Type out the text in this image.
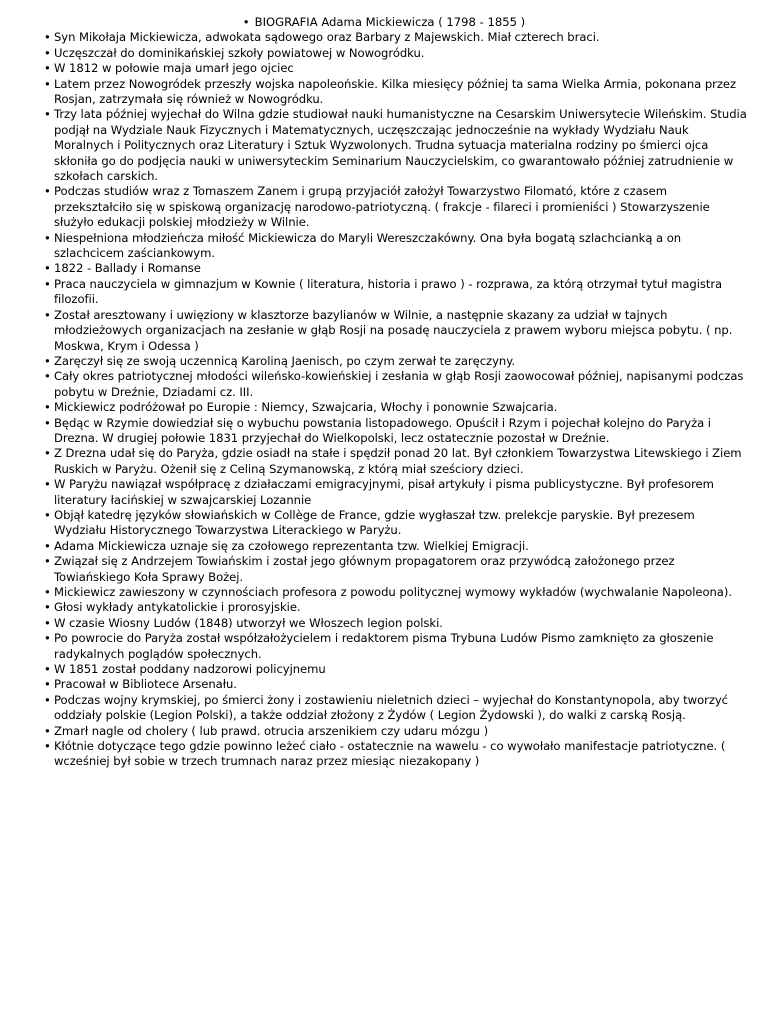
• BIOGRAFIA Adama Mickiewicza ( 1798 - 1855 )
• Syn Mikołaja Mickiewicza, adwokata sądowego oraz Barbary z Majewskich. Miał czterech braci.
• Uczęszczał do dominikańskiej szkoły powiatowej w Nowogródku.
• W 1812 w połowie maja umarł jego ojciec
• Latem przez Nowogródek przeszły wojska napoleońskie. Kilka miesięcy później ta sama Wielka Armia, pokonana przez Rosjan, zatrzymała się również w Nowogródku.
• Trzy lata później wyjechał do Wilna gdzie studiował nauki humanistyczne na Cesarskim Uniwersytecie Wileńskim. Studia podjął na Wydziale Nauk Fizycznych i Matematycznych, uczęszczając jednocześnie na wykłady Wydziału Nauk Moralnych i Politycznych oraz Literatury i Sztuk Wyzwolonych. Trudna sytuacja materialna rodziny po śmierci ojca skłoniła go do podjęcia nauki w uniwersyteckim Seminarium Nauczycielskim, co gwarantowało później zatrudnienie w szkołach carskich.
• Podczas studiów wraz z Tomaszem Zanem i grupą przyjaciół założył Towarzystwo Filomató, które z czasem przekształciło się w spiskową organizację narodowo-patriotyczną. ( frakcje - filareci i promieniści ) Stowarzyszenie służyło edukacji polskiej młodzieży w Wilnie.
• Niespełniona młodzieńcza miłość Mickiewicza do Maryli Wereszczakówny. Ona była bogatą szlachcianką a on szlachcicem zaściankowym.
• 1822 - Ballady i Romanse
• Praca nauczyciela w gimnazjum w Kownie ( literatura, historia i prawo ) - rozprawa, za którą otrzymał tytuł magistra filozofii.
• Został aresztowany i uwięziony w klasztorze bazylianów w Wilnie, a następnie skazany za udział w tajnych młodzieżowych organizacjach na zesłanie w głąb Rosji na posadę nauczyciela z prawem wyboru miejsca pobytu. ( np. Moskwa, Krym i Odessa )
• Zaręczył się ze swoją uczennicą Karoliną Jaenisch, po czym zerwał te zaręczyny.
• Cały okres patriotycznej młodości wileńsko-kowieńskiej i zesłania w głąb Rosji zaowocował później, napisanymi podczas pobytu w Dreźnie, Dziadami cz. III.
• Mickiewicz podróżował po Europie : Niemcy, Szwajcaria, Włochy i ponownie Szwajcaria.
• Będąc w Rzymie dowiedział się o wybuchu powstania listopadowego. Opuścił i Rzym i pojechał kolejno do Paryża i Drezna. W drugiej połowie 1831 przyjechał do Wielkopolski, lecz ostatecznie pozostał w Dreźnie.
• Z Drezna udał się do Paryża, gdzie osiadł na stałe i spędził ponad 20 lat. Był członkiem Towarzystwa Litewskiego i Ziem Ruskich w Paryżu. Ożenił się z Celiną Szymanowską, z którą miał sześciory dzieci.
• W Paryżu nawiązał współpracę z działaczami emigracyjnymi, pisał artykuły i pisma publicystyczne. Był profesorem literatury łacińskiej w szwajcarskiej Lozannie
• Objął katedrę języków słowiańskich w Collège de France, gdzie wygłaszał tzw. prelekcje paryskie. Był prezesem Wydziału Historycznego Towarzystwa Literackiego w Paryżu.
• Adama Mickiewicza uznaje się za czołowego reprezentanta tzw. Wielkiej Emigracji.
• Związał się z Andrzejem Towiańskim i został jego głównym propagatorem oraz przywódcą założonego przez Towiańskiego Koła Sprawy Bożej.
• Mickiewicz zawieszony w czynnościach profesora z powodu politycznej wymowy wykładów (wychwalanie Napoleona).
• Głosi wykłady antykatolickie i prorosyjskie.
• W czasie Wiosny Ludów (1848) utworzył we Włoszech legion polski.
• Po powrocie do Paryża został współzałożycielem i redaktorem pisma Trybuna Ludów Pismo zamknięto za głoszenie radykalnych poglądów społecznych.
• W 1851 został poddany nadzorowi policyjnemu
• Pracował w Bibliotece Arsenału.
• Podczas wojny krymskiej, po śmierci żony i zostawieniu nieletnich dzieci – wyjechał do Konstantynopola, aby tworzyć oddziały polskie (Legion Polski), a także oddział złożony z Żydów ( Legion Żydowski ), do walki z carską Rosją.
• Zmarł nagle od cholery ( lub prawd. otrucia arszenikiem czy udaru mózgu )
• Kłótnie dotyczące tego gdzie powinno leżeć ciało - ostatecznie na wawelu - co wywołało manifestacje patriotyczne. ( wcześniej był sobie w trzech trumnach naraz przez miesiąc niezakopany )
